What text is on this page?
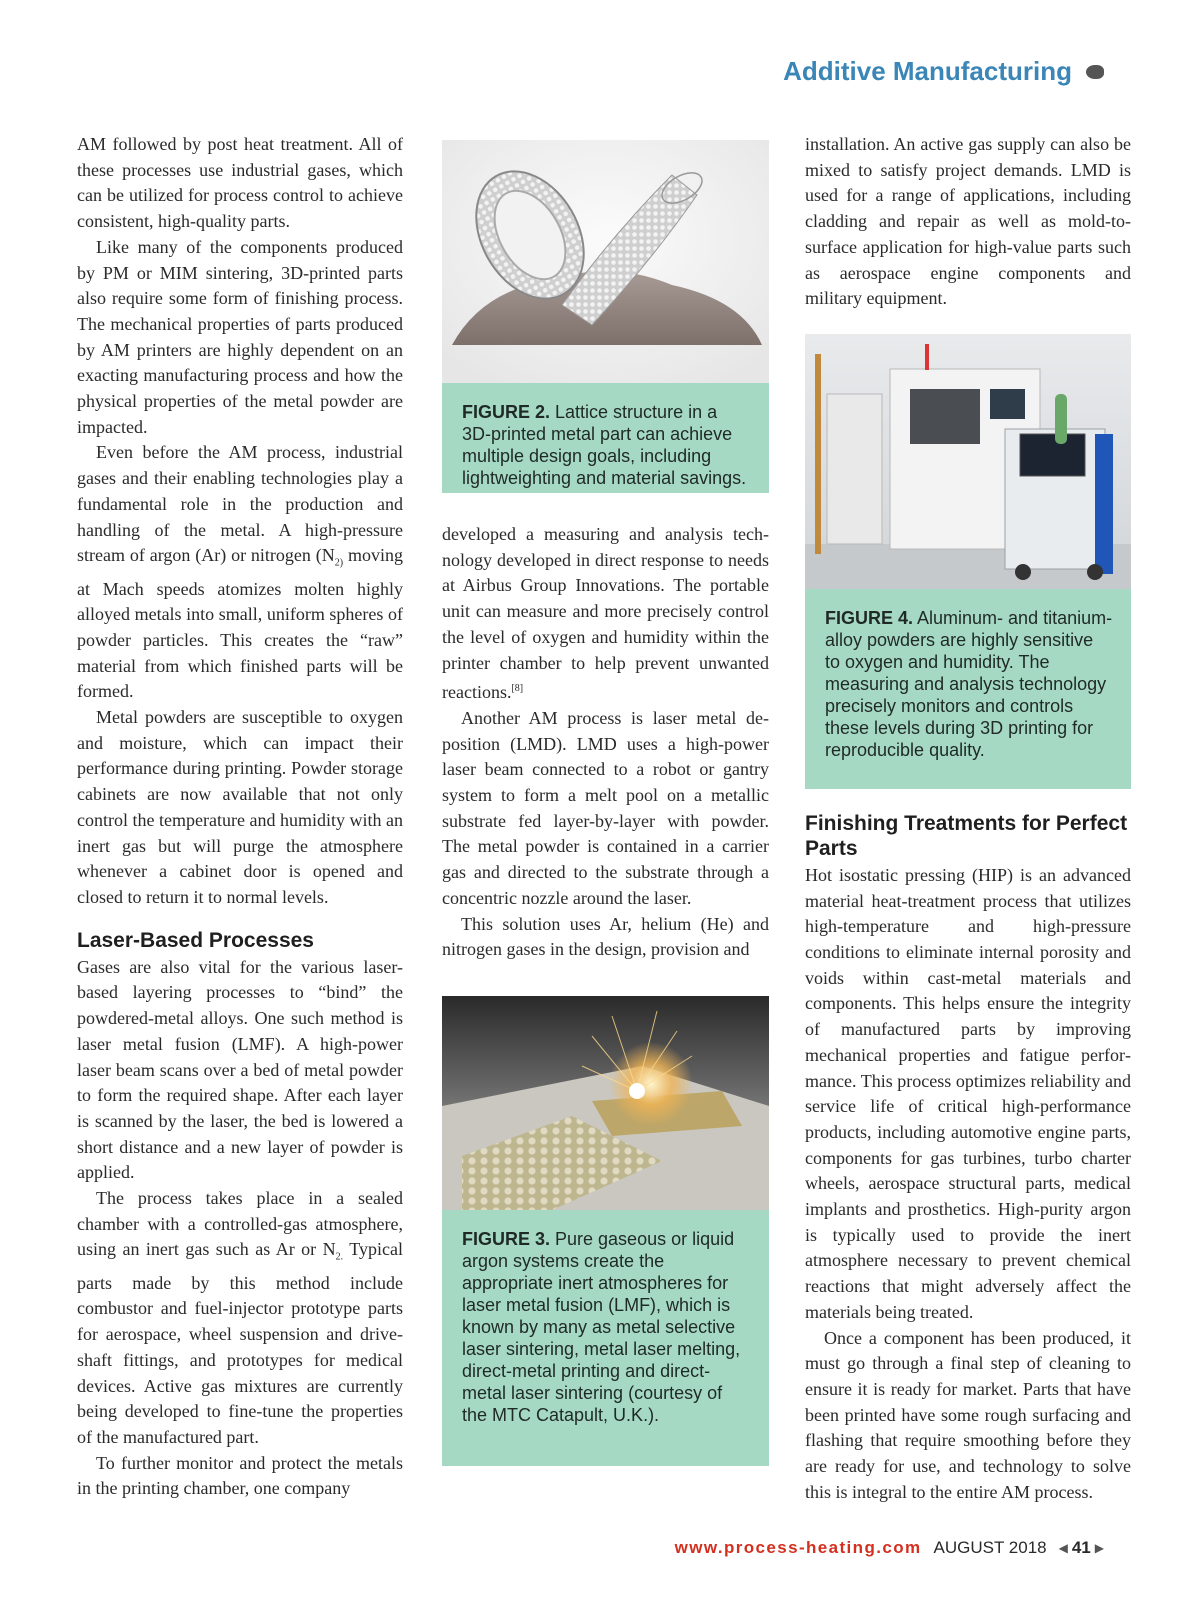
Additive Manufacturing

AM followed by post heat treatment. All of these processes use industrial gases, which can be utilized for process control to achieve consistent, high-quality parts.

Like many of the components produced by PM or MIM sintering, 3D-printed parts also require some form of finishing process. The mechanical properties of parts produced by AM printers are highly dependent on an exacting manufacturing process and how the physical properties of the metal powder are impacted.

Even before the AM process, industrial gases and their enabling technologies play a fundamental role in the production and handling of the metal. A high-pressure stream of argon (Ar) or nitrogen ($N_{2)}$ moving at Mach speeds atomizes molten highly alloyed metals into small, uniform spheres of powder particles. This creates the “raw” material from which finished parts will be formed.

Metal powders are susceptible to oxygen and moisture, which can impact their performance during printing. Powder storage cabinets are now available that not only control the temperature and humidity with an inert gas but will purge the atmosphere whenever a cabinet door is opened and closed to return it to normal levels.

Laser-Based Processes

Gases are also vital for the various laser-based layering processes to “bind” the powdered-metal alloys. One such method is laser metal fusion (LMF). A high-power laser beam scans over a bed of metal powder to form the required shape. After each layer is scanned by the laser, the bed is lowered a short distance and a new layer of powder is applied.

The process takes place in a sealed chamber with a controlled-gas atmosphere, using an inert gas such as Ar or $N_{2.}$ Typical parts made by this method include combustor and fuel-injector prototype parts for aerospace, wheel suspension and drive-shaft fittings, and prototypes for medical devices. Active gas mixtures are currently being developed to fine-tune the properties of the manufactured part.

To further monitor and protect the metals in the printing chamber, one company

FIGURE 2. Lattice structure in a 3D-printed metal part can achieve multiple design goals, including lightweighting and material savings.

developed a measuring and analysis technology developed in direct response to needs at Airbus Group Innovations. The portable unit can measure and more precisely control the level of oxygen and humidity within the printer chamber to help prevent unwanted reactions.[8]

Another AM process is laser metal deposition (LMD). LMD uses a high-power laser beam connected to a robot or gantry system to form a melt pool on a metallic substrate fed layer-by-layer with powder. The metal powder is contained in a carrier gas and directed to the substrate through a concentric nozzle around the laser.

This solution uses Ar, helium (He) and nitrogen gases in the design, provision and

FIGURE 3. Pure gaseous or liquid argon systems create the appropriate inert atmospheres for laser metal fusion (LMF), which is known by many as metal selective laser sintering, metal laser melting, direct-metal printing and direct-metal laser sintering (courtesy of the MTC Catapult, U.K.).

installation. An active gas supply can also be mixed to satisfy project demands. LMD is used for a range of applications, including cladding and repair as well as mold-to-surface application for high-value parts such as aerospace engine components and military equipment.

FIGURE 4. Aluminum- and titanium-alloy powders are highly sensitive to oxygen and humidity. The measuring and analysis technology precisely monitors and controls these levels during 3D printing for reproducible quality.
Finishing Treatments for Perfect Parts

Hot isostatic pressing (HIP) is an advanced material heat-treatment process that utilizes high-temperature and high-pressure conditions to eliminate internal porosity and voids within cast-metal materials and components. This helps ensure the integrity of manufactured parts by improving mechanical properties and fatigue performance. This process optimizes reliability and service life of critical high-performance products, including automotive engine parts, components for gas turbines, turbo charter wheels, aerospace structural parts, medical implants and prosthetics. High-purity argon is typically used to provide the inert atmosphere necessary to prevent chemical reactions that might adversely affect the materials being treated.

Once a component has been produced, it must go through a final step of cleaning to ensure it is ready for market. Parts that have been printed have some rough surfacing and flashing that require smoothing before they are ready for use, and technology to solve this is integral to the entire AM process.

www.process-heating.com AUGUST 2018 ◀ 41 ▶
